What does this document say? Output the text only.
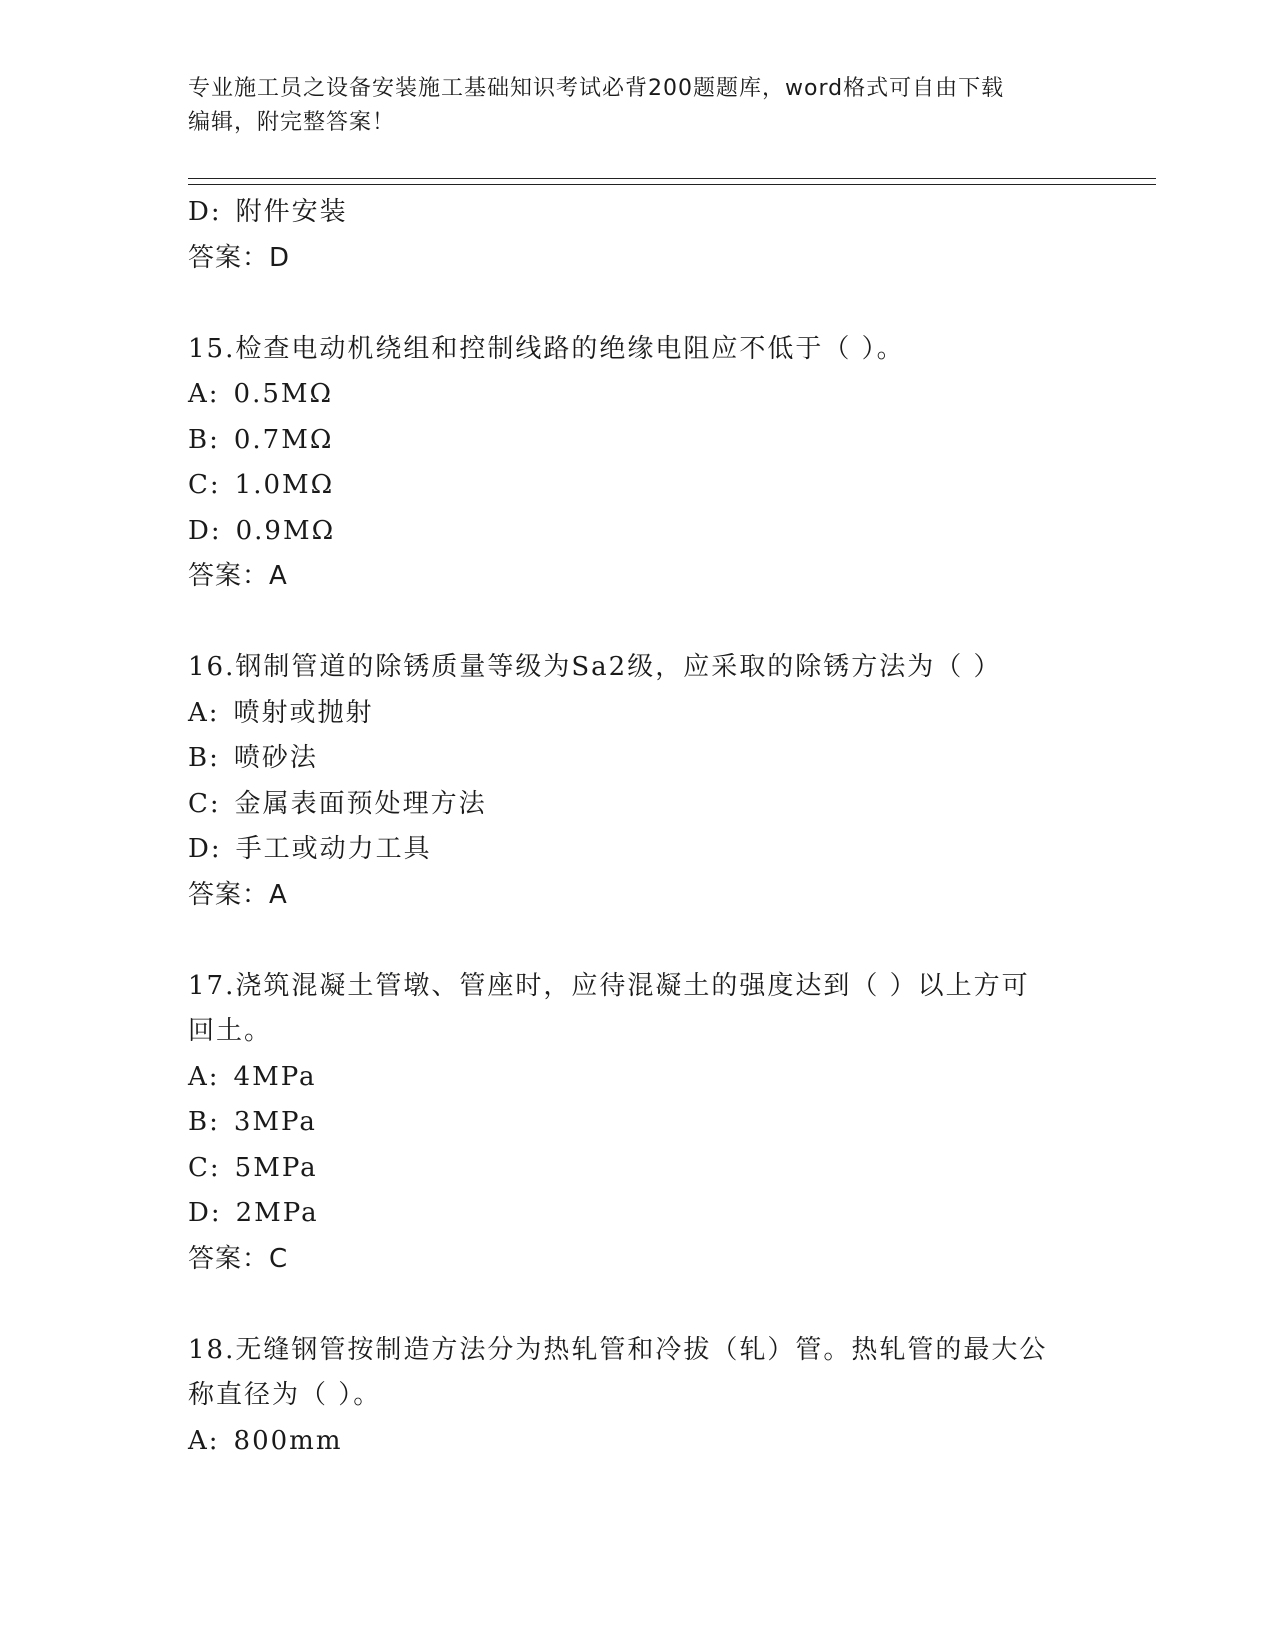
专业施工员之设备安装施工基础知识考试必背200题题库，word格式可自由下载
编辑，附完整答案！
D: 附件安装
答案：D
15.检查电动机绕组和控制线路的绝缘电阻应不低于（ ）。
A: 0.5MΩ
B: 0.7MΩ
C: 1.0MΩ
D: 0.9MΩ
答案：A
16.钢制管道的除锈质量等级为Sa2级，应采取的除锈方法为（ ）
A: 喷射或抛射
B: 喷砂法
C: 金属表面预处理方法
D: 手工或动力工具
答案：A
17.浇筑混凝土管墩、管座时，应待混凝土的强度达到（ ）以上方可
回土。
A: 4MPa
B: 3MPa
C: 5MPa
D: 2MPa
答案：C
18.无缝钢管按制造方法分为热轧管和冷拔（轧）管。热轧管的最大公
称直径为（ ）。
A: 800mm
